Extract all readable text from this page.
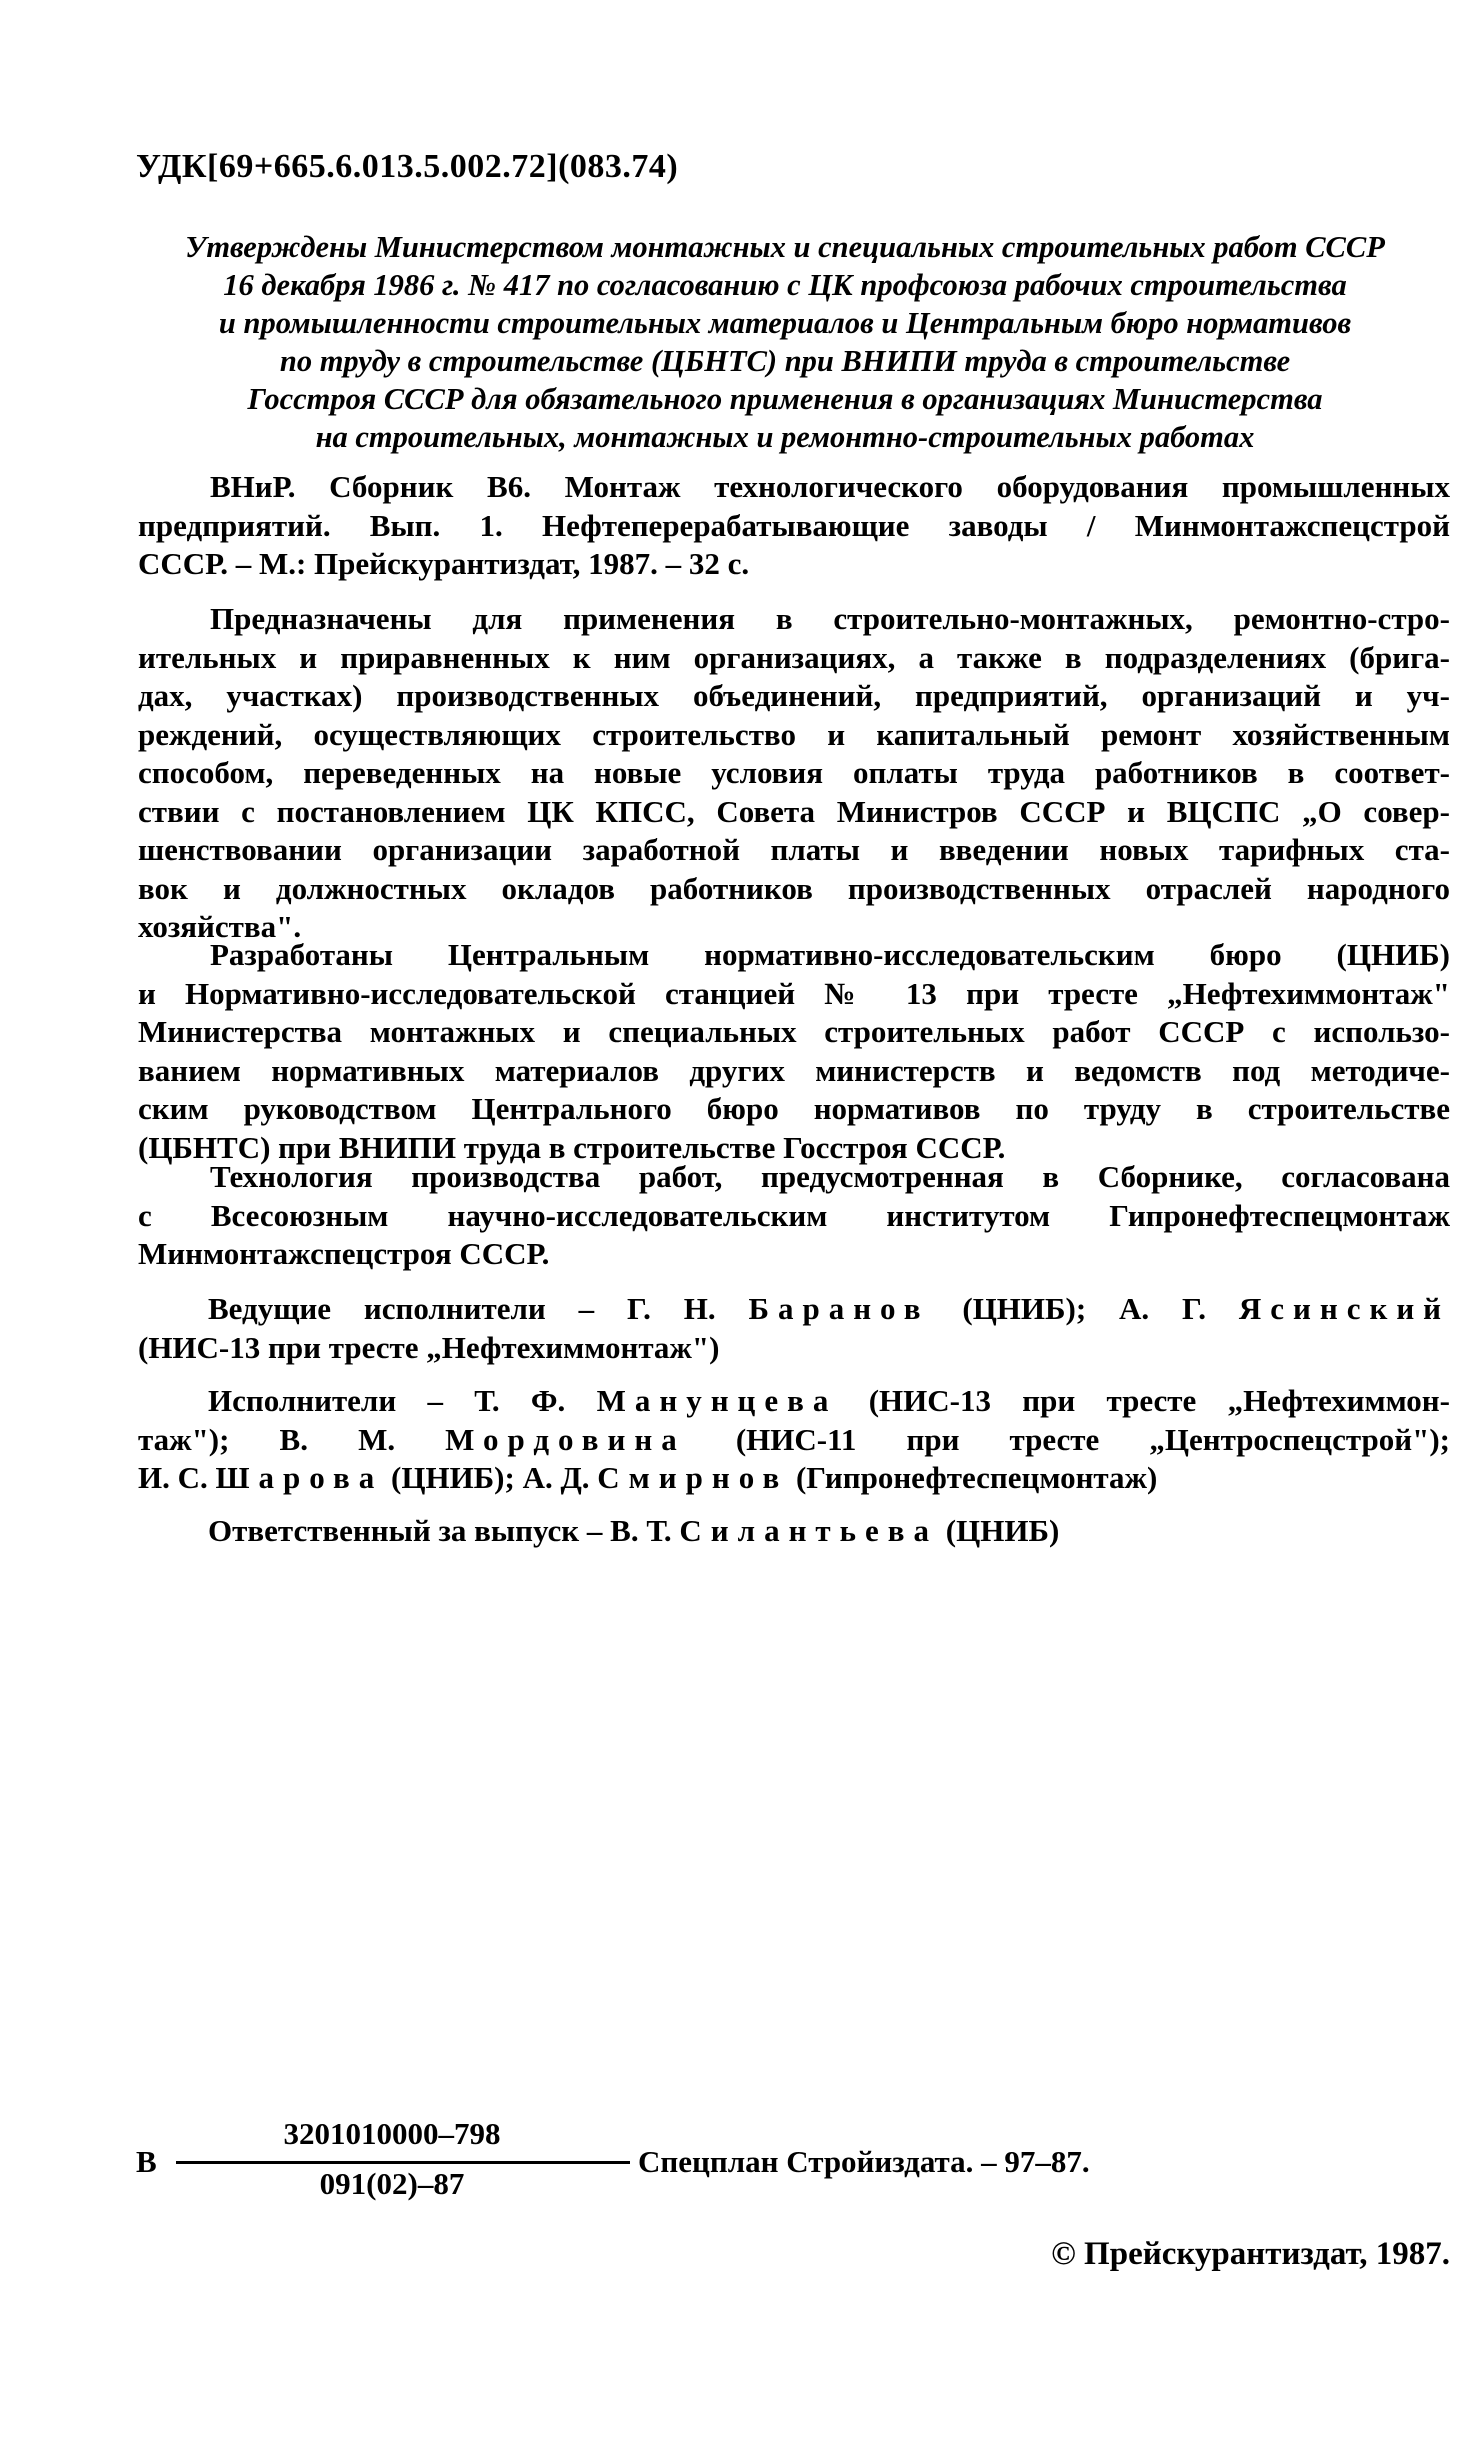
УДК[69+665.6.013.5.002.72](083.74)
Утверждены Министерством монтажных и специальных строительных работ СССР
16 декабря 1986 г. № 417 по согласованию с ЦК профсоюза рабочих строительства
и промышленности строительных материалов и Центральным бюро нормативов
по труду в строительстве (ЦБНТС) при ВНИПИ труда в строительстве
Госстроя СССР для обязательного применения в организациях Министерства
на строительных, монтажных и ремонтно-строительных работах
ВНиР. Сборник В6. Монтаж технологического оборудования промышленных
предприятий. Вып. 1. Нефтеперерабатывающие заводы / Минмонтажспецстрой
СССР. – М.: Прейскурантиздат, 1987. – 32 с.
Предназначены для применения в строительно-монтажных, ремонтно-стро-
ительных и приравненных к ним организациях, а также в подразделениях (брига-
дах, участках) производственных объединений, предприятий, организаций и уч-
реждений, осуществляющих строительство и капитальный ремонт хозяйственным
способом, переведенных на новые условия оплаты труда работников в соответ-
ствии с постановлением ЦК КПСС, Совета Министров СССР и ВЦСПС „О совер-
шенствовании организации заработной платы и введении новых тарифных ста-
вок и должностных окладов работников производственных отраслей народного
хозяйства".
Разработаны Центральным нормативно-исследовательским бюро (ЦНИБ)
и Нормативно-исследовательской станцией № 13 при тресте „Нефтехиммонтаж"
Министерства монтажных и специальных строительных работ СССР с использо-
ванием нормативных материалов других министерств и ведомств под методиче-
ским руководством Центрального бюро нормативов по труду в строительстве
(ЦБНТС) при ВНИПИ труда в строительстве Госстроя СССР.
Технология производства работ, предусмотренная в Сборнике, согласована
с Всесоюзным научно-исследовательским институтом Гипронефтеспецмонтаж
Минмонтажспецстроя СССР.
Ведущие исполнители – Г. Н. Баранов (ЦНИБ); А. Г. Ясинский
(НИС-13 при тресте „Нефтехиммонтаж")
Исполнители – Т. Ф. Манунцева (НИС-13 при тресте „Нефтехиммон-
таж"); В. М. Мордовина (НИС-11 при тресте „Центроспецстрой");
И. С. Шарова (ЦНИБ); А. Д. Смирнов (Гипронефтеспецмонтаж)
Ответственный за выпуск – В. Т. Силантьева (ЦНИБ)
В
3201010000–798
091(02)–87
Спецплан Стройиздата. – 97–87.
© Прейскурантиздат, 1987.
